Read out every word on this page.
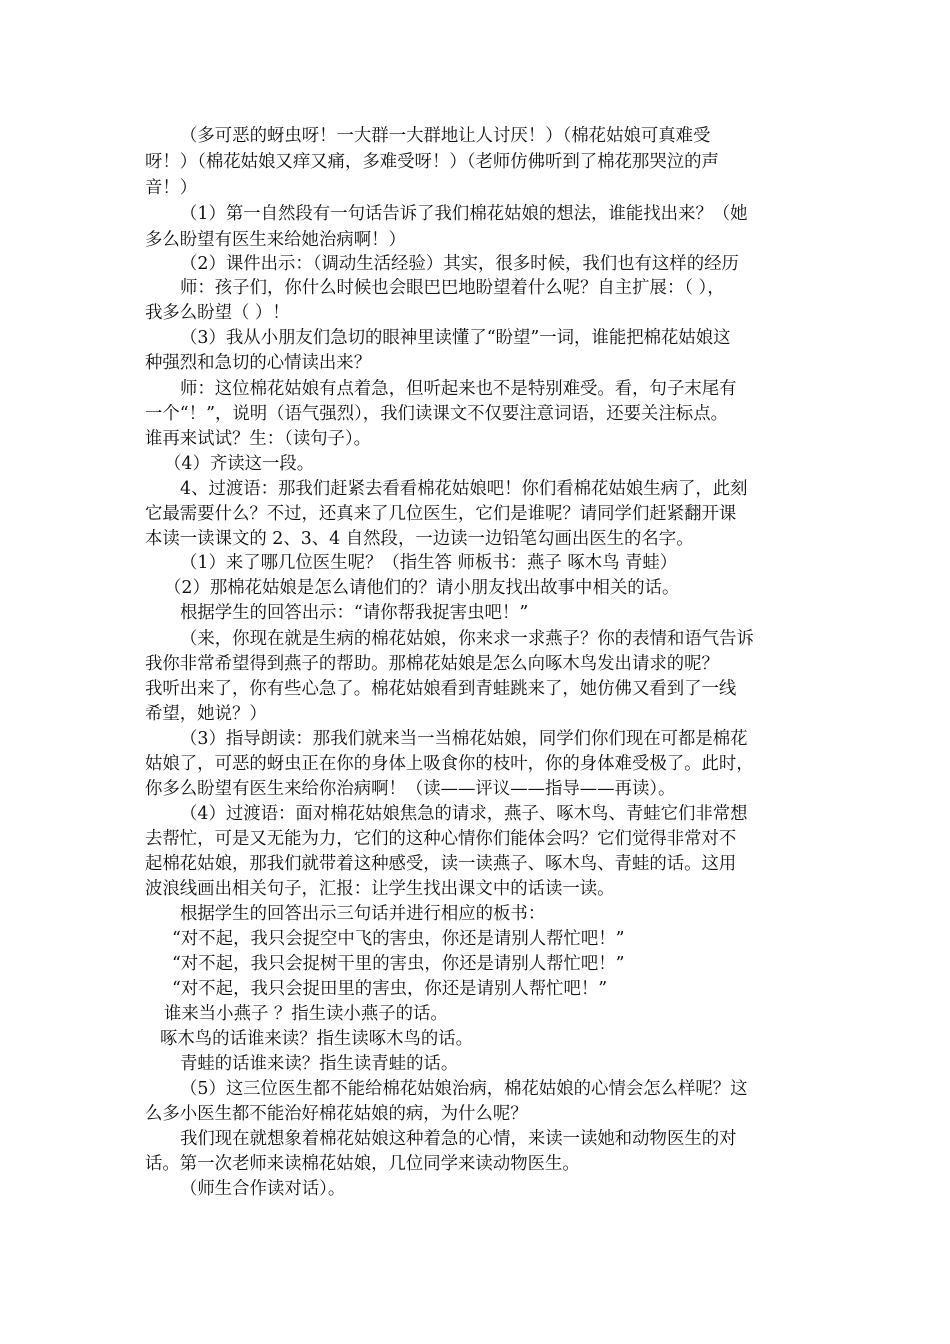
（多可恶的蚜虫呀！一大群一大群地让人讨厌！）（棉花姑娘可真难受

呀！）（棉花姑娘又痒又痛，多难受呀！）（老师仿佛听到了棉花那哭泣的声

音！）

（1）第一自然段有一句话告诉了我们棉花姑娘的想法，谁能找出来？（她

多么盼望有医生来给她治病啊！）

（2）课件出示：（调动生活经验）其实，很多时候，我们也有这样的经历

师：孩子们，你什么时候也会眼巴巴地盼望着什么呢？自主扩展：（ ），

我多么盼望（ ）！

（3）我从小朋友们急切的眼神里读懂了“盼望”一词，谁能把棉花姑娘这

种强烈和急切的心情读出来？

师：这位棉花姑娘有点着急，但听起来也不是特别难受。看，句子末尾有

一个“！”，说明（语气强烈），我们读课文不仅要注意词语，还要关注标点。

谁再来试试？生：（读句子）。

（4）齐读这一段。

4、过渡语：那我们赶紧去看看棉花姑娘吧！你们看棉花姑娘生病了，此刻

它最需要什么？不过，还真来了几位医生，它们是谁呢？请同学们赶紧翻开课

本读一读课文的 2、3、4 自然段，一边读一边铅笔勾画出医生的名字。

（1）来了哪几位医生呢？（指生答 师板书：燕子 啄木鸟 青蛙）

（2）那棉花姑娘是怎么请他们的？请小朋友找出故事中相关的话。

根据学生的回答出示：“请你帮我捉害虫吧！”

（来，你现在就是生病的棉花姑娘，你来求一求燕子？你的表情和语气告诉

我你非常希望得到燕子的帮助。那棉花姑娘是怎么向啄木鸟发出请求的呢？

我听出来了，你有些心急了。棉花姑娘看到青蛙跳来了，她仿佛又看到了一线

希望，她说？）

（3）指导朗读：那我们就来当一当棉花姑娘，同学们你们现在可都是棉花

姑娘了，可恶的蚜虫正在你的身体上吸食你的枝叶，你的身体难受极了。此时，

你多么盼望有医生来给你治病啊！（读——评议——指导——再读）。

（4）过渡语：面对棉花姑娘焦急的请求，燕子、啄木鸟、青蛙它们非常想

去帮忙，可是又无能为力，它们的这种心情你们能体会吗？它们觉得非常对不

起棉花姑娘，那我们就带着这种感受，读一读燕子、啄木鸟、青蛙的话。这用

波浪线画出相关句子，汇报：让学生找出课文中的话读一读。

根据学生的回答出示三句话并进行相应的板书：

“对不起，我只会捉空中飞的害虫，你还是请别人帮忙吧！”

“对不起，我只会捉树干里的害虫，你还是请别人帮忙吧！”

“对不起，我只会捉田里的害虫，你还是请别人帮忙吧！”

谁来当小燕子 ？指生读小燕子的话。

啄木鸟的话谁来读？指生读啄木鸟的话。

青蛙的话谁来读？指生读青蛙的话。

（5）这三位医生都不能给棉花姑娘治病，棉花姑娘的心情会怎么样呢？这

么多小医生都不能治好棉花姑娘的病，为什么呢？

我们现在就想象着棉花姑娘这种着急的心情，来读一读她和动物医生的对

话。第一次老师来读棉花姑娘，几位同学来读动物医生。

（师生合作读对话）。
